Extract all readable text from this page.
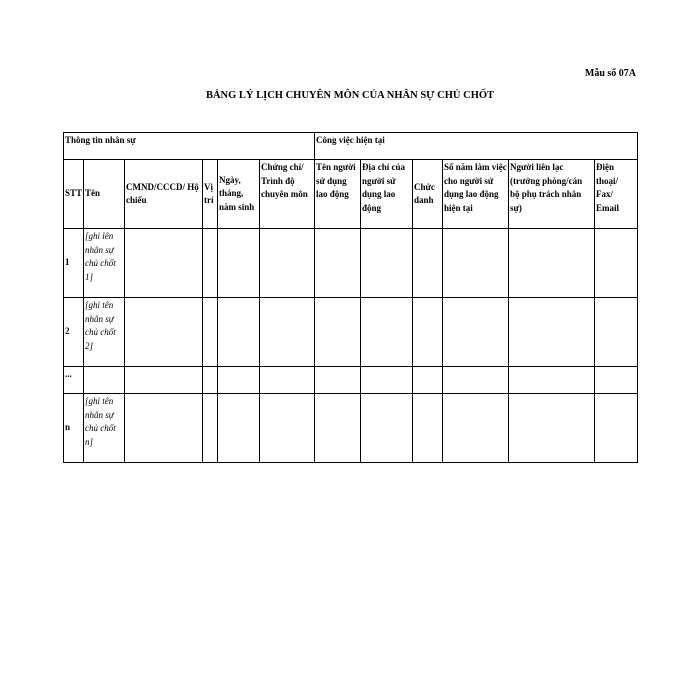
Mẫu số 07A
BẢNG LÝ LỊCH CHUYÊN MÔN CỦA NHÂN SỰ CHỦ CHỐT
Thông tin nhân sự						Công việc hiện tại					
STT	Tên	CMND/CCCD/ Hộ chiếu	Vị trí	Ngày, tháng, năm sinh	Chứng chỉ/ Trình độ chuyên môn	Tên người sử dụng lao động	Địa chỉ của người sử dụng lao động	Chức danh	Số năm làm việc cho người sử dụng lao động hiện tại	Người liên lạc (trưởng phòng/cán bộ phụ trách nhân sự)	Điện thoại/ Fax/ Email
1	[ghi lên nhân sự chủ chốt 1]										
2	[ghi tên nhân sự chủ chốt 2]										
...											
n	[ghi tên nhân sự chủ chốt n]										
